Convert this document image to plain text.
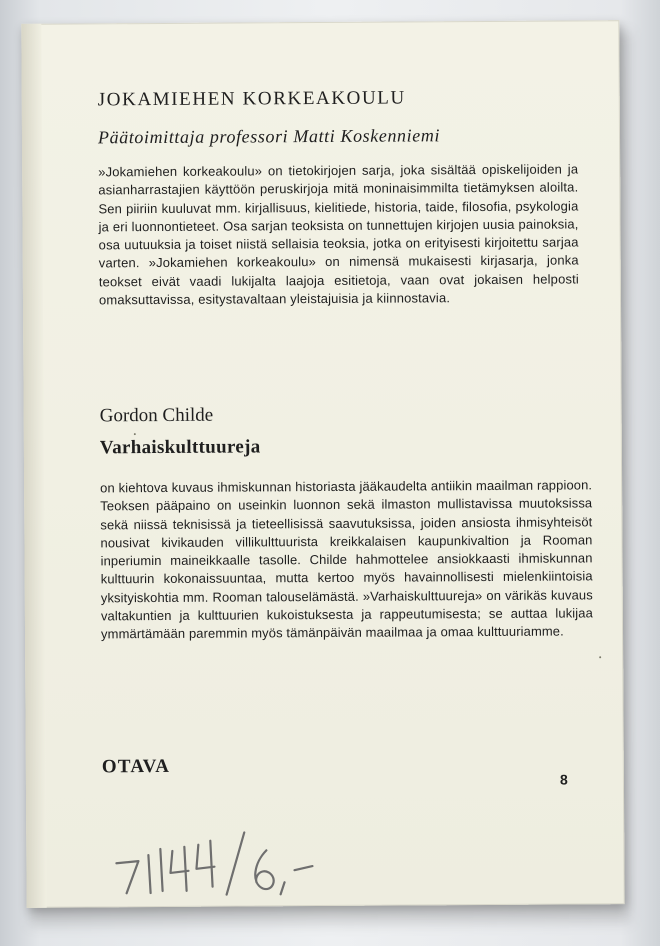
JOKAMIEHEN KORKEAKOULU
Päätoimittaja professori Matti Koskenniemi
»Jokamiehen korkeakoulu» on tietokirjojen sarja, joka sisältää opiskelijoiden ja asianharrastajien käyttöön peruskirjoja mitä moninaisimmilta tietämyksen aloilta. Sen piiriin kuuluvat mm. kirjallisuus, kielitiede, historia, taide, filosofia, psykologia ja eri luonnontieteet. Osa sarjan teoksista on tunnettujen kirjojen uusia painoksia, osa uutuuksia ja toiset niistä sellaisia teoksia, jotka on erityisesti kirjoitettu sarjaa varten. »Jokamiehen korkeakoulu» on nimensä mukaisesti kirjasarja, jonka teokset eivät vaadi lukijalta laajoja esitietoja, vaan ovat jokaisen helposti omaksuttavissa, esitystavaltaan yleistajuisia ja kiinnostavia.
Gordon Childe
Varhaiskulttuureja
on kiehtova kuvaus ihmiskunnan historiasta jääkaudelta antiikin maailman rappioon. Teoksen pääpaino on useinkin luonnon sekä ilmaston mullistavissa muutoksissa sekä niissä teknisissä ja tieteellisissä saavutuksissa, joiden ansiosta ihmisyhteisöt nousivat kivikauden villikulttuurista kreikkalaisen kaupunkivaltion ja Rooman inperiumin maineikkaalle tasolle. Childe hahmottelee ansiokkaasti ihmiskunnan kulttuurin kokonaissuuntaa, mutta kertoo myös havainnollisesti mielenkiintoisia yksityiskohtia mm. Rooman talouselämästä. »Varhaiskulttuureja» on värikäs kuvaus valtakuntien ja kulttuurien kukoistuksesta ja rappeutumisesta; se auttaa lukijaa ymmärtämään paremmin myös tämänpäivän maailmaa ja omaa kulttuuriamme.
OTAVA
8
